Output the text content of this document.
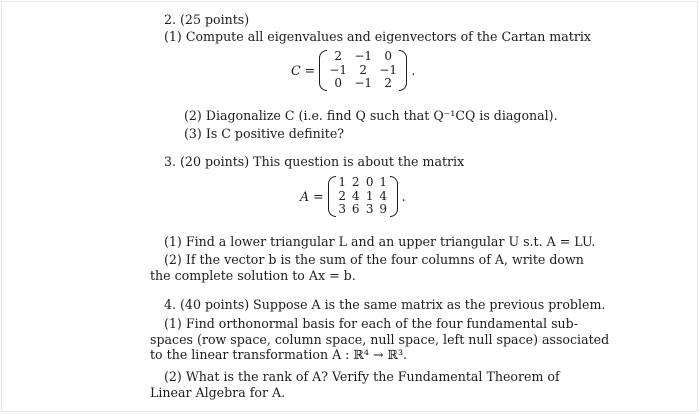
2. (25 points)
(1) Compute all eigenvalues and eigenvectors of the Cartan matrix
C =
2	−1	0
−1	2	−1
0	−1	2
.
(2) Diagonalize C (i.e. find Q such that Q⁻¹CQ is diagonal).
(3) Is C positive definite?
3. (20 points) This question is about the matrix
A =
1 2 0 1
2 4 1 4
3 6 3 9
.
(1) Find a lower triangular L and an upper triangular U s.t. A = LU.
(2) If the vector b is the sum of the four columns of A, write down
the complete solution to Ax = b.
4. (40 points) Suppose A is the same matrix as the previous problem.
(1) Find orthonormal basis for each of the four fundamental sub-
spaces (row space, column space, null space, left null space) associated
to the linear transformation A : ℝ⁴ → ℝ³.
(2) What is the rank of A? Verify the Fundamental Theorem of
Linear Algebra for A.
